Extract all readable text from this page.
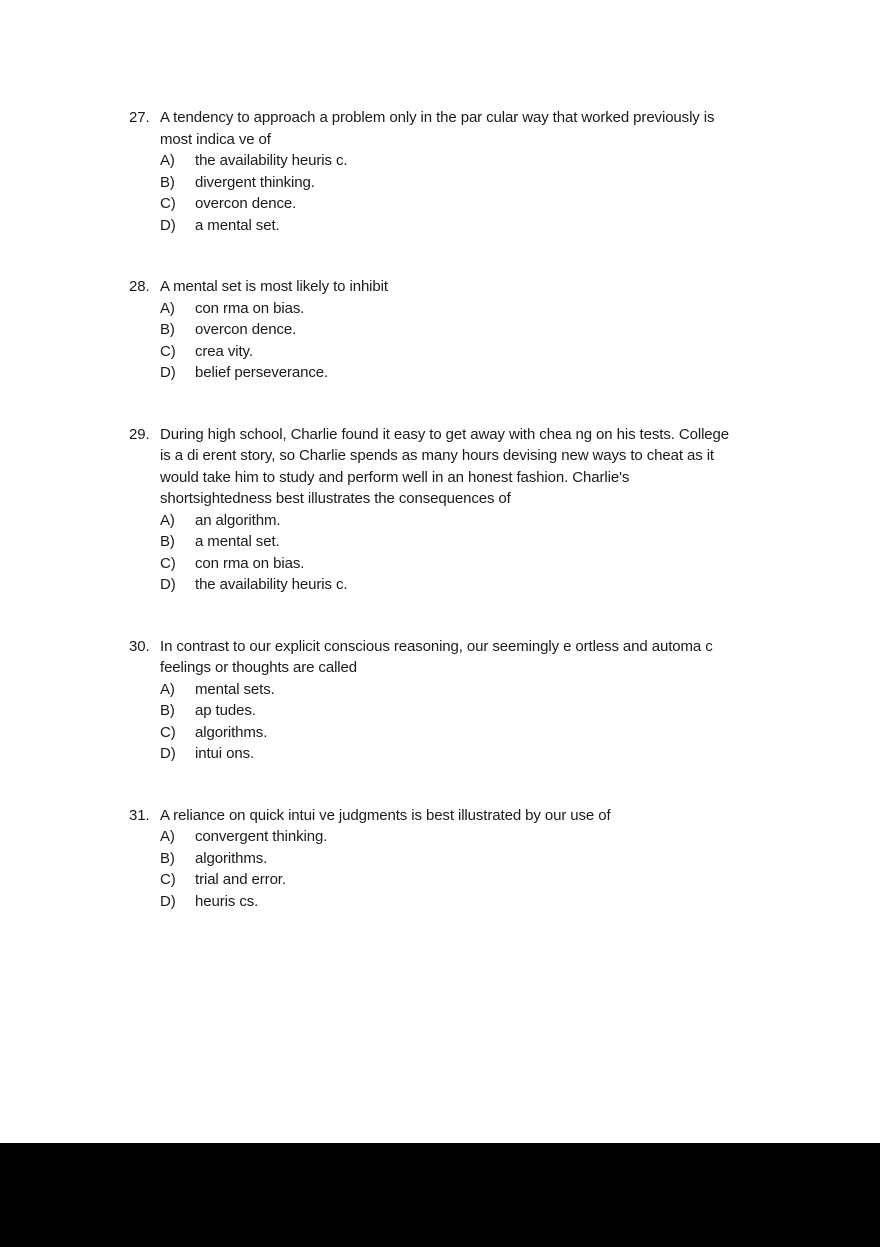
27. A tendency to approach a problem only in the par cular way that worked previously is
most indica ve of
A)	the availability heuris c.
B)	divergent thinking.
C)	overcon dence.
D)	a mental set.
28. A mental set is most likely to inhibit
A)	con rma on bias.
B)	overcon dence.
C)	crea vity.
D)	belief perseverance.
29. During high school, Charlie found it easy to get away with chea ng on his tests. College
is a di erent story, so Charlie spends as many hours devising new ways to cheat as it
would take him to study and perform well in an honest fashion. Charlie's
shortsightedness best illustrates the consequences of
A)	an algorithm.
B)	a mental set.
C)	con rma on bias.
D)	the availability heuris c.
30. In contrast to our explicit conscious reasoning, our seemingly e ortless and automa c
feelings or thoughts are called
A)	mental sets.
B)	ap tudes.
C)	algorithms.
D)	intui ons.
31. A reliance on quick intui ve judgments is best illustrated by our use of
A)	convergent thinking.
B)	algorithms.
C)	trial and error.
D)	heuris cs.
